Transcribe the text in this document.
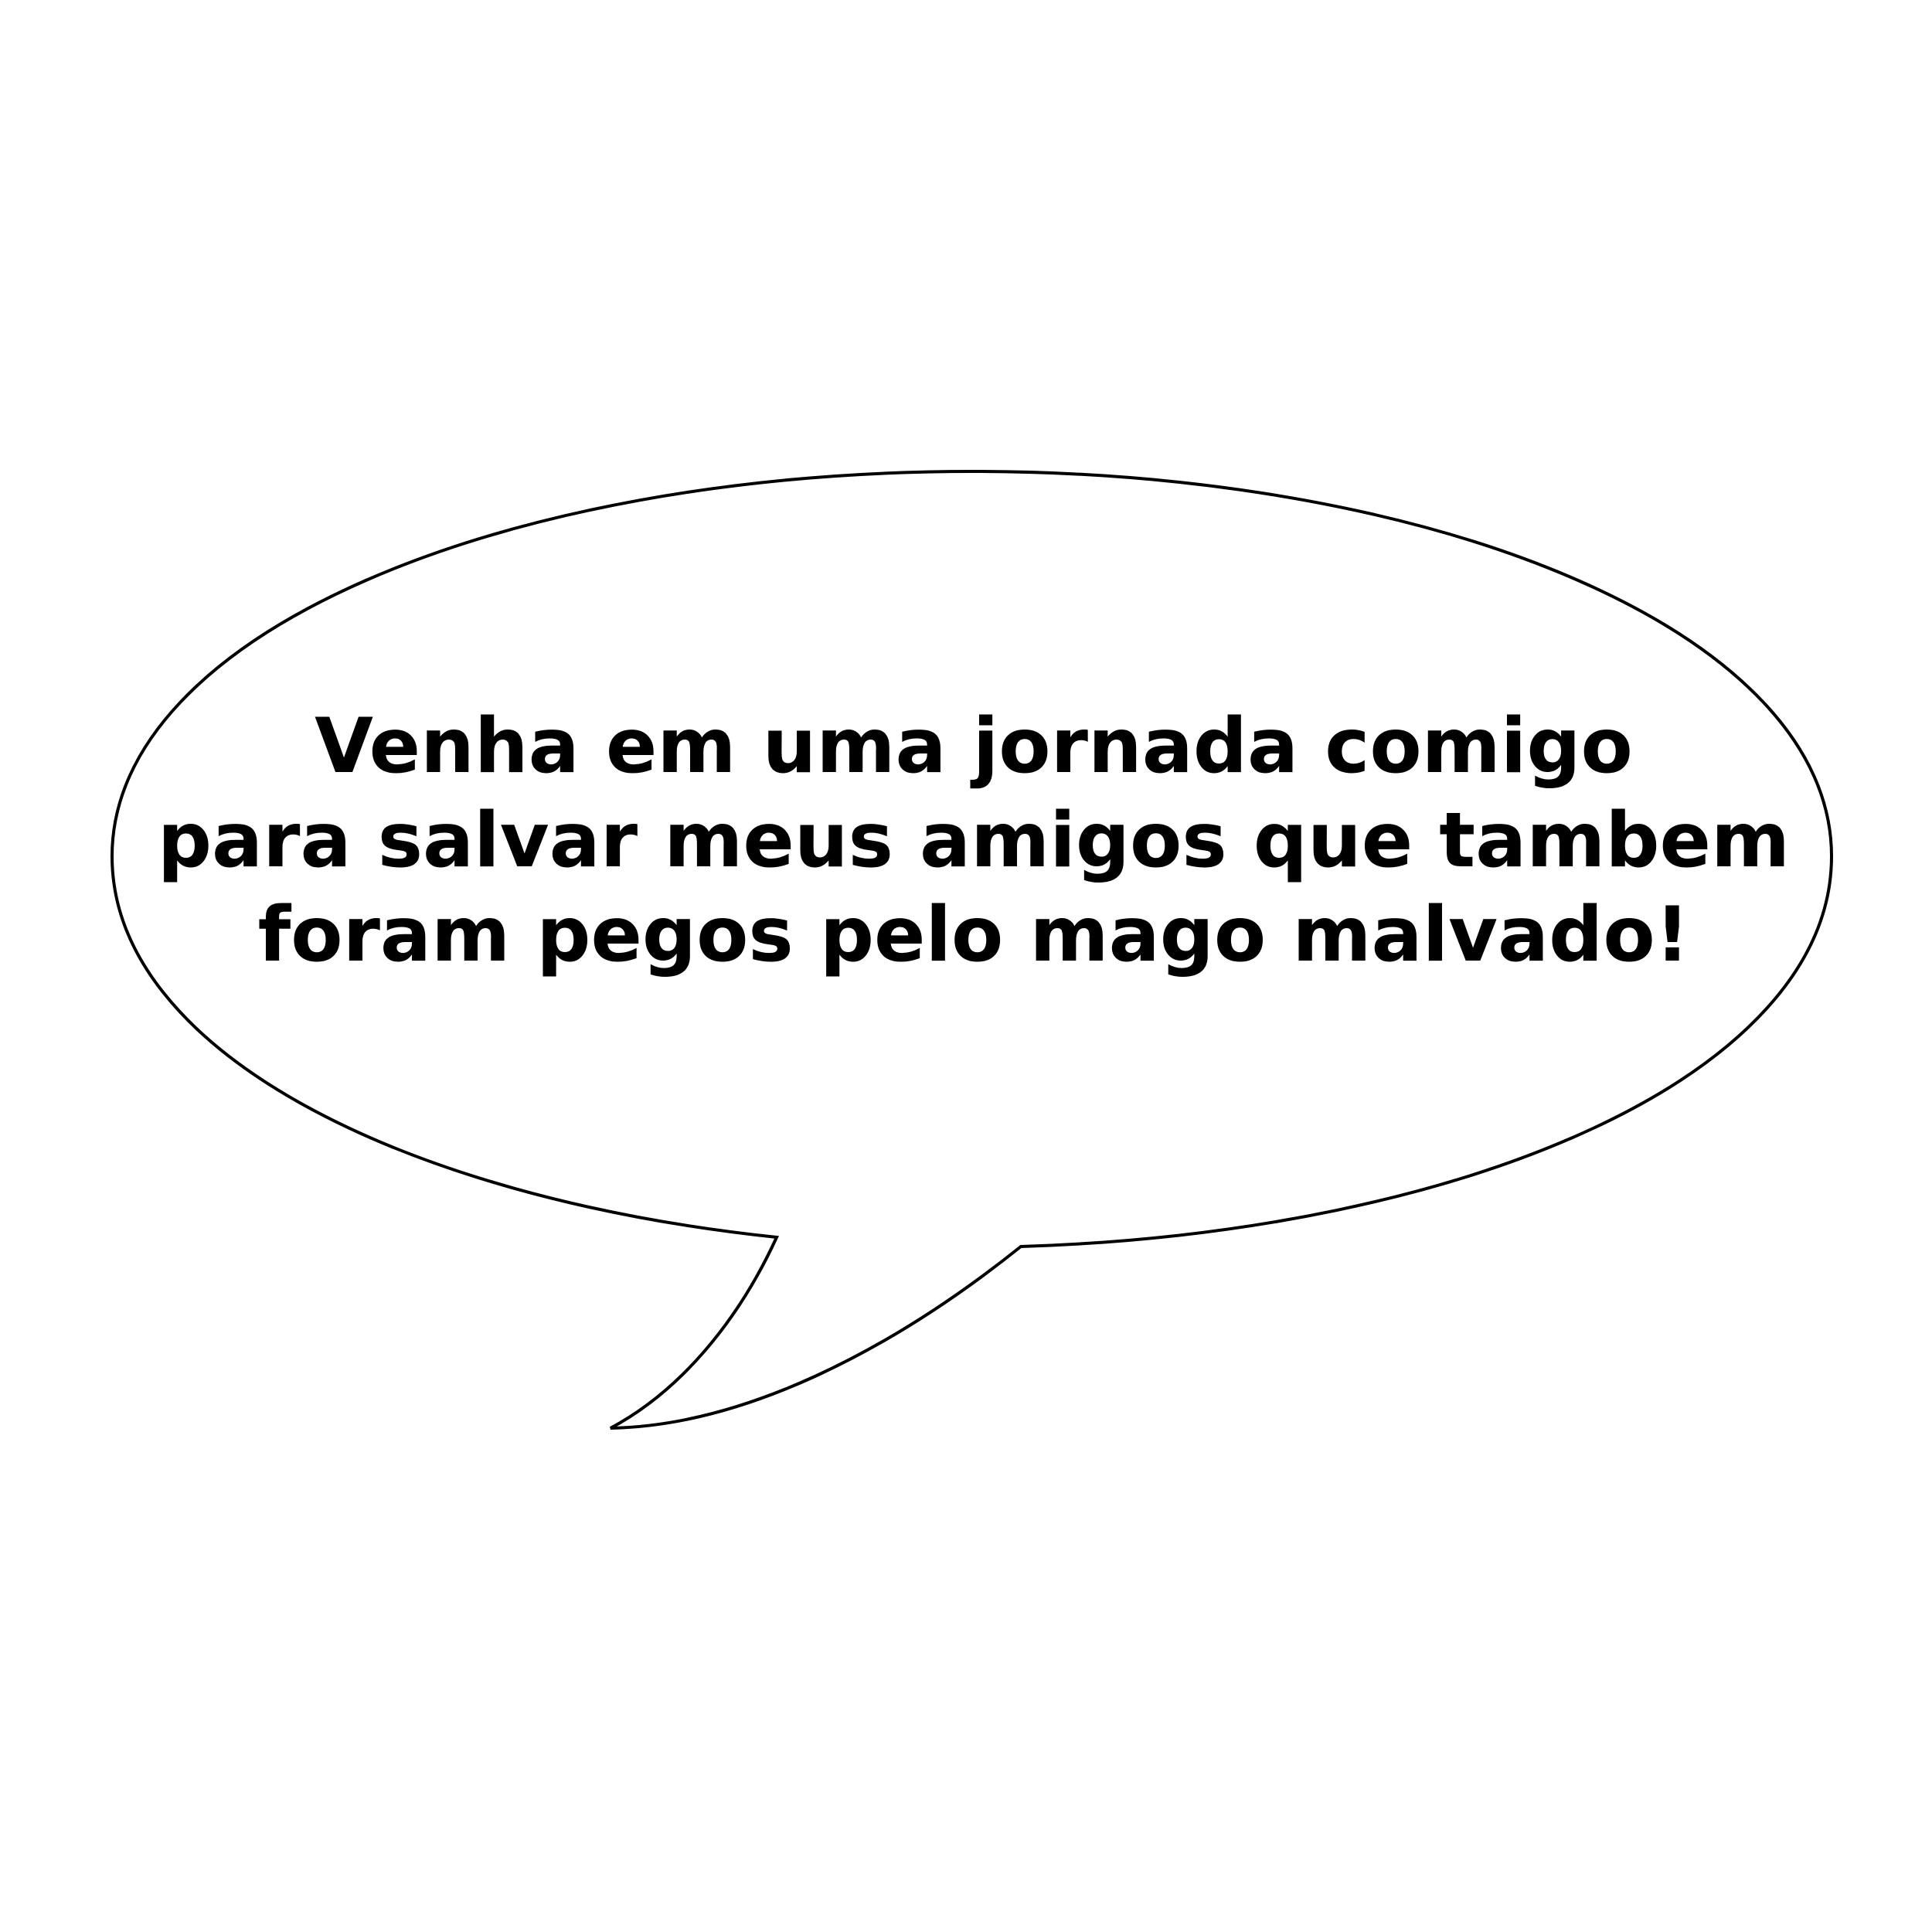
Venha em uma jornada comigo
para salvar meus amigos que tambem
foram pegos pelo mago malvado!
